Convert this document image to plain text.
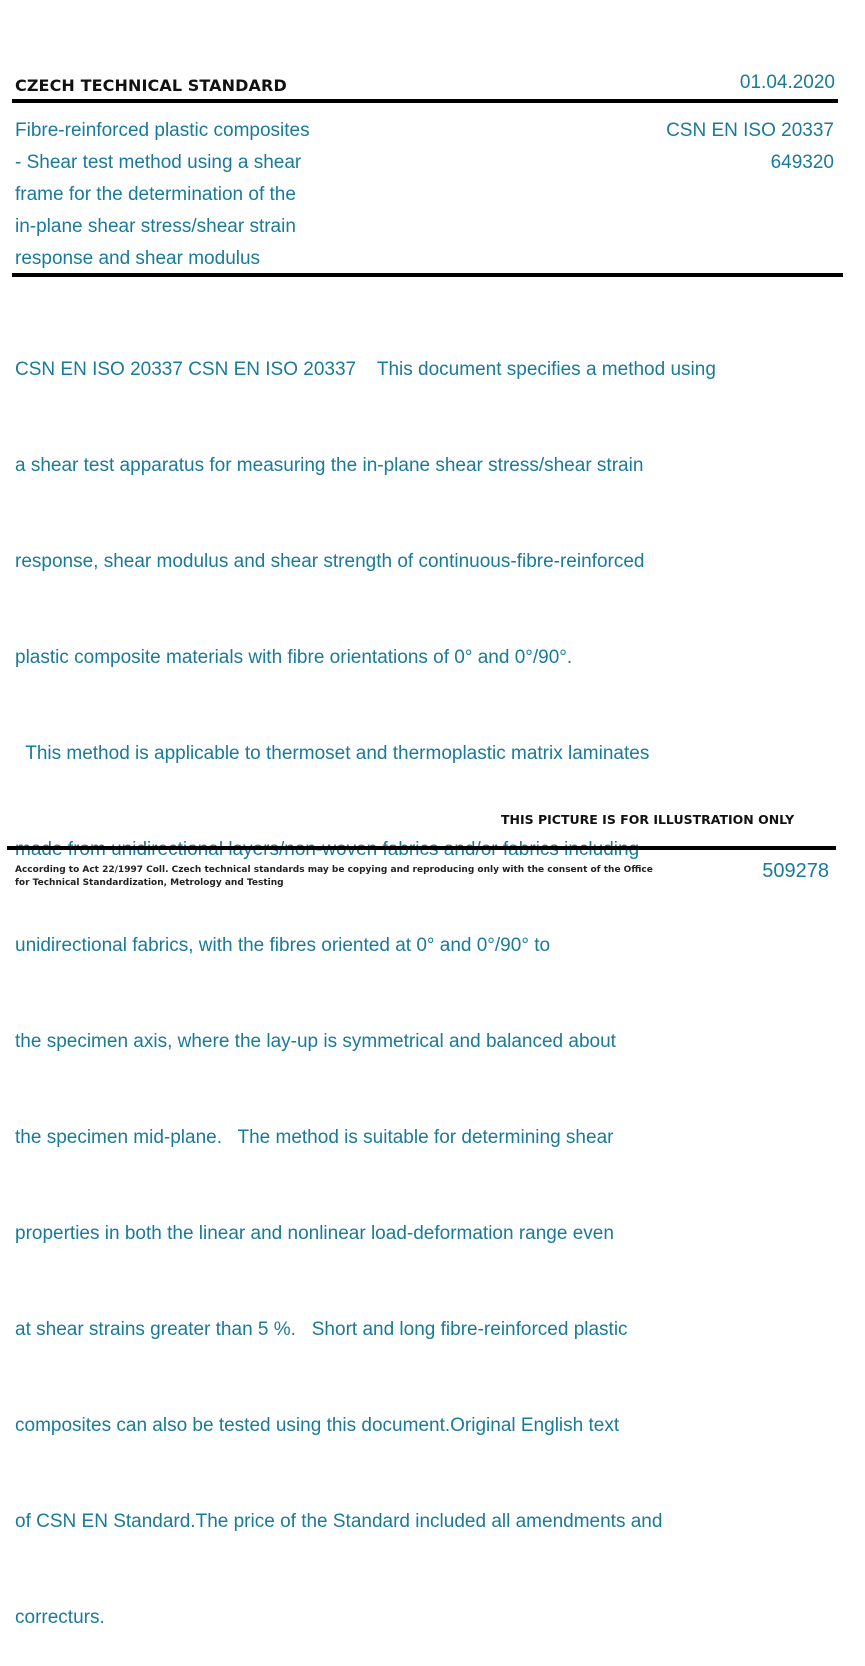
CZECH TECHNICAL STANDARD	01.04.2020
Fibre-reinforced plastic composites
- Shear test method using a shear
frame for the determination of the
in-plane shear stress/shear strain
response and shear modulus
CSN EN ISO 20337
649320

CSN EN ISO 20337 CSN EN ISO 20337    This document specifies a method using

a shear test apparatus for measuring the in-plane shear stress/shear strain

response, shear modulus and shear strength of continuous-fibre-reinforced

plastic composite materials with fibre orientations of 0° and 0°/90°.

This method is applicable to thermoset and thermoplastic matrix laminates

unidirectional fabrics, with the fibres oriented at 0° and 0°/90° to

the specimen axis, where the lay-up is symmetrical and balanced about

the specimen mid-plane.   The method is suitable for determining shear

properties in both the linear and nonlinear load-deformation range even

at shear strains greater than 5 %.   Short and long fibre-reinforced plastic

composites can also be tested using this document.Original English text

of CSN EN Standard.The price of the Standard included all amendments and

correcturs.

THIS PICTURE IS FOR ILLUSTRATION ONLY
According to Act 22/1997 Coll. Czech technical standards may be copying and reproducing only with the consent of the Office
for Technical Standardization, Metrology and Testing
509278
